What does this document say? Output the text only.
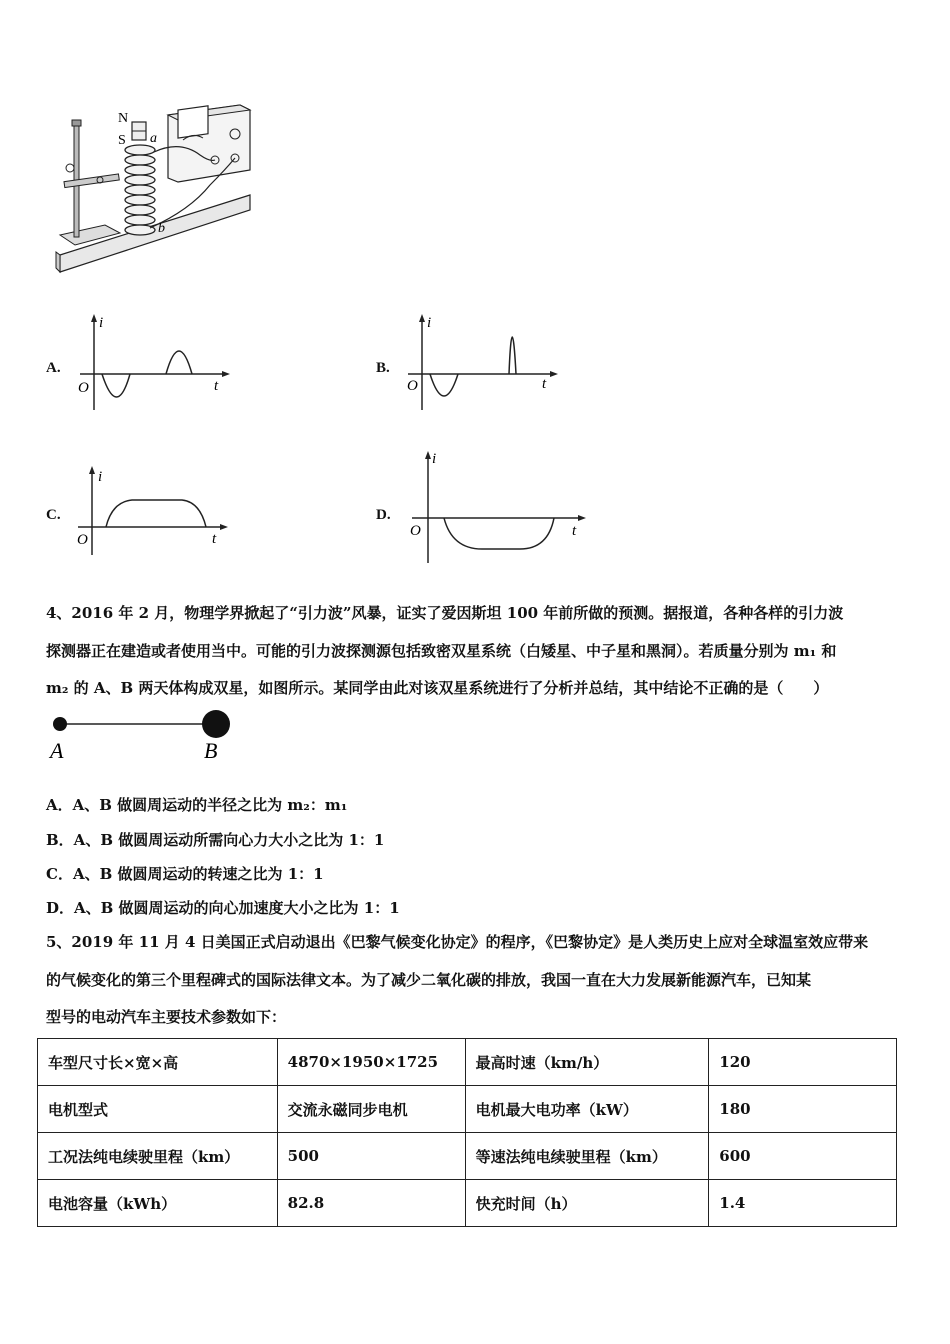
N
S a
b
A.
i
t
O
B.
i
t
O
C.
i
t
O
D.
i
t
O
4、2016 年 2 月，物理学界掀起了“引力波”风暴，证实了爱因斯坦 100 年前所做的预测。据报道，各种各样的引力波
探测器正在建造或者使用当中。可能的引力波探测源包括致密双星系统（白矮星、中子星和黑洞）。若质量分别为 m₁ 和
m₂ 的 A、B 两天体构成双星，如图所示。某同学由此对该双星系统进行了分析并总结，其中结论不正确的是（　　）
A	B
A．A、B 做圆周运动的半径之比为 m₂：m₁
B．A、B 做圆周运动所需向心力大小之比为 1：1
C．A、B 做圆周运动的转速之比为 1：1
D．A、B 做圆周运动的向心加速度大小之比为 1：1
5、2019 年 11 月 4 日美国正式启动退出《巴黎气候变化协定》的程序，《巴黎协定》是人类历史上应对全球温室效应带来
的气候变化的第三个里程碑式的国际法律文本。为了减少二氧化碳的排放，我国一直在大力发展新能源汽车，已知某
型号的电动汽车主要技术参数如下：
车型尺寸长×宽×高	4870×1950×1725	最高时速（km/h）	120
电机型式	交流永磁同步电机	电机最大电功率（kW）	180
工况法纯电续驶里程（km）	500	等速法纯电续驶里程（km）	600
电池容量（kWh）	82.8	快充时间（h）	1.4
